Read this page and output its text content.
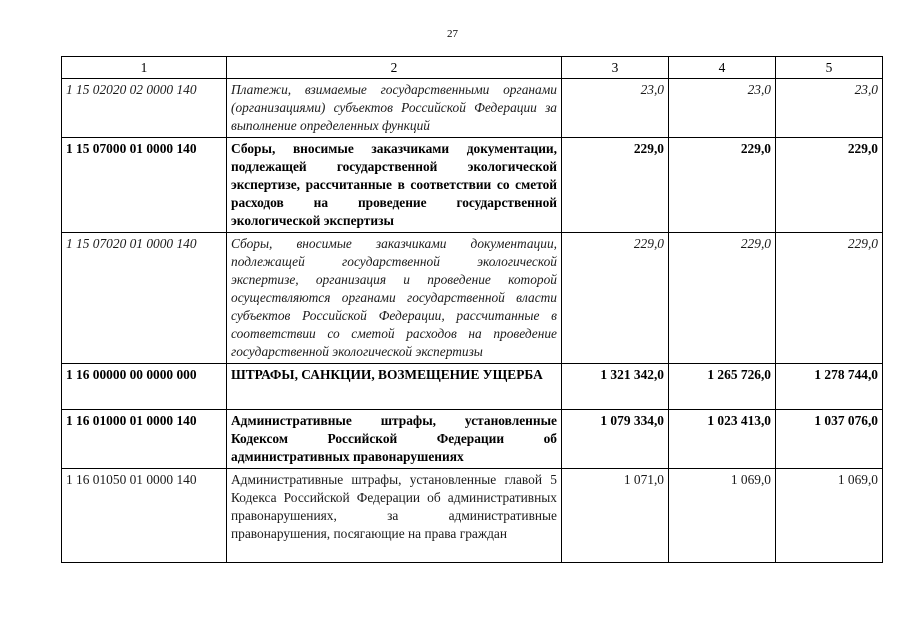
27
1	2	3	4	5
1 15 02020 02 0000 140	Платежи, взимаемые государственными органами (организациями) субъектов Российской Федерации за выполнение определенных функций	23,0	23,0	23,0
1 15 07000 01 0000 140	Сборы, вносимые заказчиками документации, подлежащей государственной экологической экспертизе, рассчитанные в соответствии со сметой расходов на проведение государственной экологической экспертизы	229,0	229,0	229,0
1 15 07020 01 0000 140	Сборы, вносимые заказчиками документации, подлежащей государственной экологической экспертизе, организация и проведение которой осуществляются органами государственной власти субъектов Российской Федерации, рассчитанные в соответствии со сметой расходов на проведение государственной экологической экспертизы	229,0	229,0	229,0
1 16 00000 00 0000 000	ШТРАФЫ, САНКЦИИ, ВОЗМЕЩЕНИЕ УЩЕРБА	1 321 342,0	1 265 726,0	1 278 744,0
1 16 01000 01 0000 140	Административные штрафы, установленные Кодексом Российской Федерации об административных правонарушениях	1 079 334,0	1 023 413,0	1 037 076,0
1 16 01050 01 0000 140	Административные штрафы, установленные главой 5 Кодекса Российской Федерации об административных правонарушениях, за административные правонарушения, посягающие на права граждан	1 071,0	1 069,0	1 069,0
